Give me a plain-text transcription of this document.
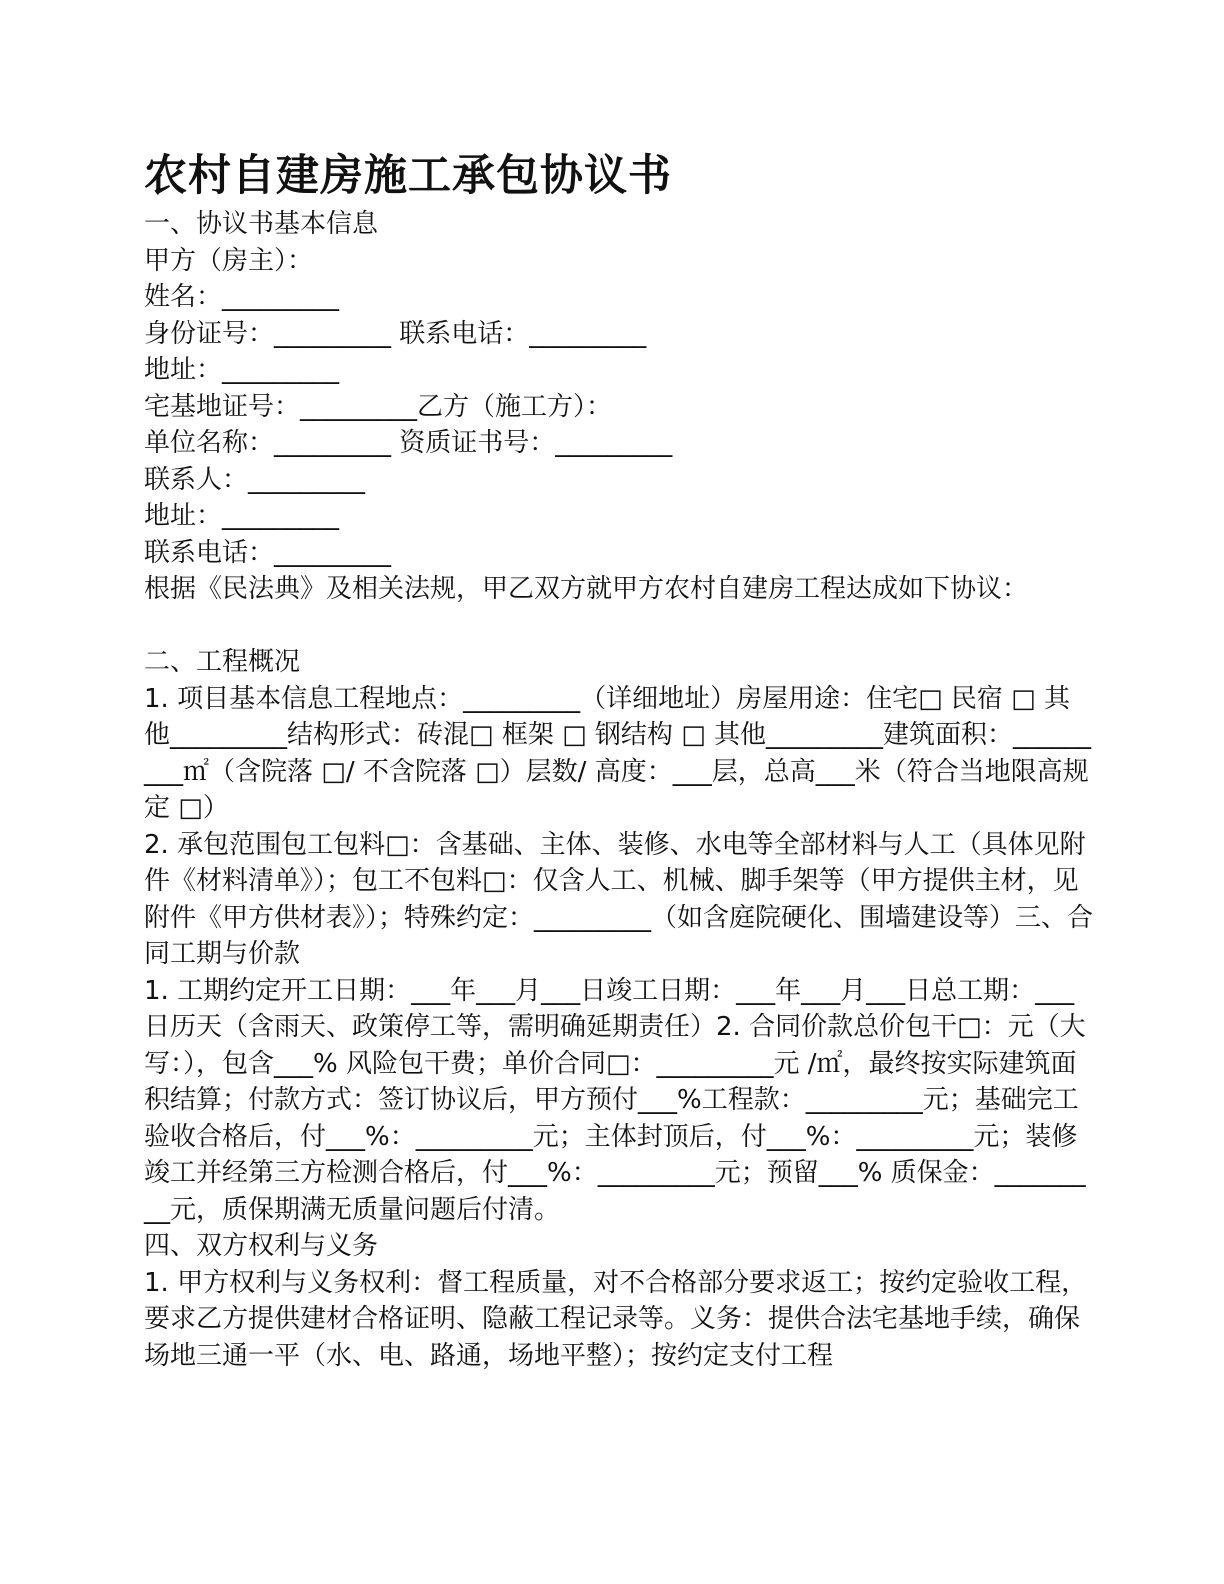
农村自建房施工承包协议书
一、协议书基本信息
甲方（房主）：
姓名：_________
身份证号：_________ 联系电话：_________
地址：_________
宅基地证号：_________乙方（施工方）：
单位名称：_________ 资质证书号：_________
联系人：_________
地址：_________
联系电话：_________
根据《民法典》及相关法规，甲乙双方就甲方农村自建房工程达成如下协议：
二、工程概况

1. 项目基本信息工程地点：_________（详细地址）房屋用途：住宅□ 民宿 □ 其他_________结构形式：砖混□ 框架 □ 钢结构 □ 其他_________建筑面积：_________㎡（含院落 □/ 不含院落 □）层数/ 高度：___层，总高___米（符合当地限高规定 □）

2. 承包范围包工包料□：含基础、主体、装修、水电等全部材料与人工（具体见附件《材料清单》）；包工不包料□：仅含人工、机械、脚手架等（甲方提供主材，见附件《甲方供材表》）；特殊约定：_________（如含庭院硬化、围墙建设等）三、合同工期与价款

1. 工期约定开工日期：___年___月___日竣工日期：___年___月___日总工期：___日历天（含雨天、政策停工等，需明确延期责任）2. 合同价款总价包干□：元（大写：），包含___% 风险包干费；单价合同□：_________元 /㎡，最终按实际建筑面积结算；付款方式：签订协议后，甲方预付___%工程款：_________元；基础完工验收合格后，付___%：_________元；主体封顶后，付___%：_________元；装修竣工并经第三方检测合格后，付___%：_________元；预留___% 质保金：_________元，质保期满无质量问题后付清。

四、双方权利与义务

1. 甲方权利与义务权利：督工程质量，对不合格部分要求返工；按约定验收工程，要求乙方提供建材合格证明、隐蔽工程记录等。义务：提供合法宅基地手续，确保场地三通一平（水、电、路通，场地平整）；按约定支付工程
